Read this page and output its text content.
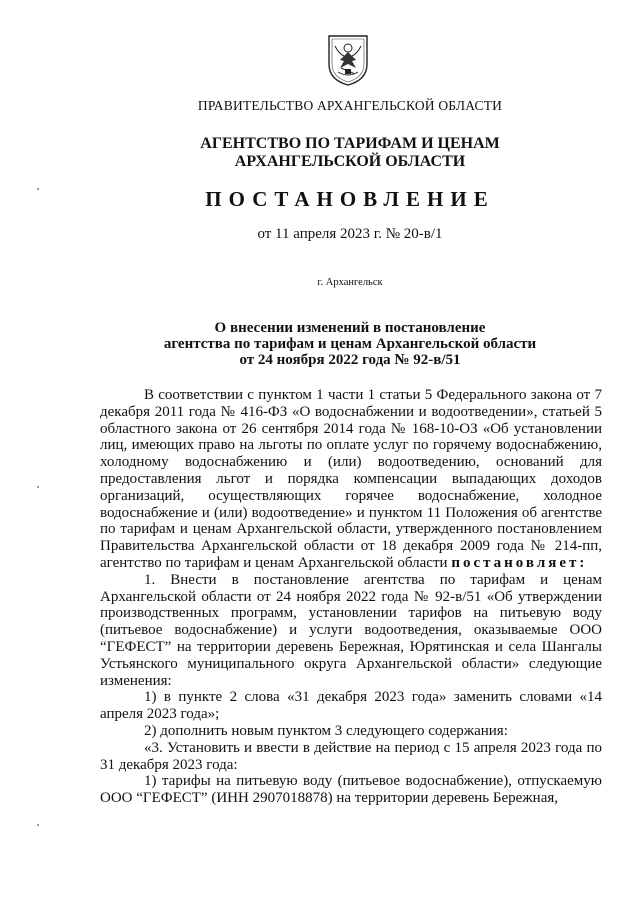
ПРАВИТЕЛЬСТВО АРХАНГЕЛЬСКОЙ ОБЛАСТИ
АГЕНТСТВО ПО ТАРИФАМ И ЦЕНАМ
АРХАНГЕЛЬСКОЙ ОБЛАСТИ
ПОСТАНОВЛЕНИЕ
от 11 апреля 2023 г. № 20-в/1
г. Архангельск
О внесении изменений в постановление
агентства по тарифам и ценам Архангельской области
от 24 ноября 2022 года № 92-в/51

В соответствии с пунктом 1 части 1 статьи 5 Федерального закона от 7 декабря 2011 года № 416-ФЗ «О водоснабжении и водоотведении», статьей 5 областного закона от 26 сентября 2014 года № 168-10-ОЗ «Об установлении лиц, имеющих право на льготы по оплате услуг по горячему водоснабжению, холодному водоснабжению и (или) водоотведению, оснований для предоставления льгот и порядка компенсации выпадающих доходов организаций, осуществляющих горячее водоснабжение, холодное водоснабжение и (или) водоотведение» и пунктом 11 Положения об агентстве по тарифам и ценам Архангельской области, утвержденного постановлением Правительства Архангельской области от 18 декабря 2009 года № 214-пп, агентство по тарифам и ценам Архангельской области постановляет:

1. Внести в постановление агентства по тарифам и ценам Архангельской области от 24 ноября 2022 года № 92-в/51 «Об утверждении производственных программ, установлении тарифов на питьевую воду (питьевое водоснабжение) и услуги водоотведения, оказываемые ООО “ГЕФЕСТ” на территории деревень Бережная, Юрятинская и села Шангалы Устьянского муниципального округа Архангельской области» следующие изменения:

1) в пункте 2 слова «31 декабря 2023 года» заменить словами «14 апреля 2023 года»;

2) дополнить новым пунктом 3 следующего содержания:

«3. Установить и ввести в действие на период с 15 апреля 2023 года по 31 декабря 2023 года:

1) тарифы на питьевую воду (питьевое водоснабжение), отпускаемую ООО “ГЕФЕСТ” (ИНН 2907018878) на территории деревень Бережная,
